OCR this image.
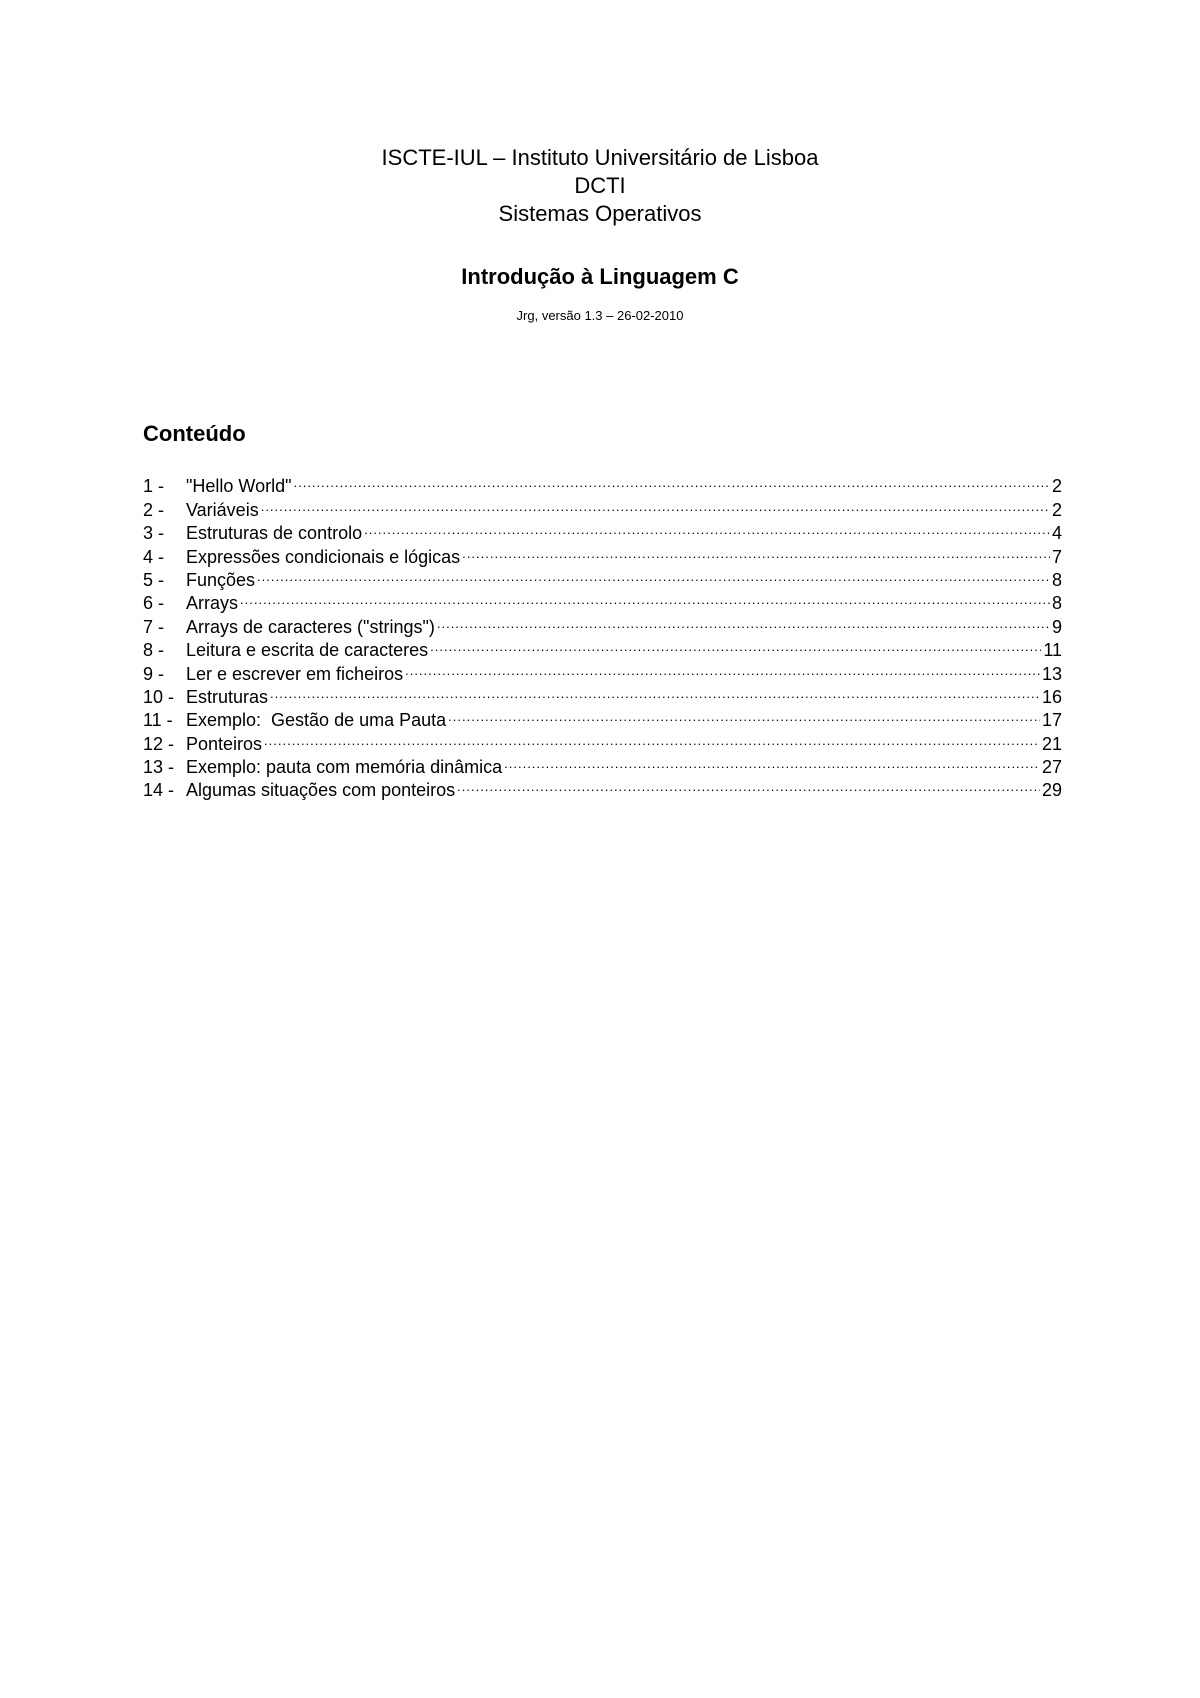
ISCTE-IUL – Instituto Universitário de Lisboa
DCTI
Sistemas Operativos
Introdução à Linguagem C
Jrg, versão 1.3 – 26-02-2010
Conteúdo
1 -	"Hello World" .....	2
2 -	Variáveis .....	2
3 -	Estruturas de controlo .....	4
4 -	Expressões condicionais e lógicas .....	7
5 -	Funções .....	8
6 -	Arrays .....	8
7 -	Arrays de caracteres ("strings") .....	9
8 -	Leitura e escrita de caracteres .....	11
9 -	Ler e escrever em ficheiros .....	13
10 - Estruturas .....	16
11 - Exemplo:  Gestão de uma Pauta .....	17
12 - Ponteiros .....	21
13 - Exemplo: pauta com memória dinâmica .....	27
14 - Algumas situações com ponteiros .....	29
